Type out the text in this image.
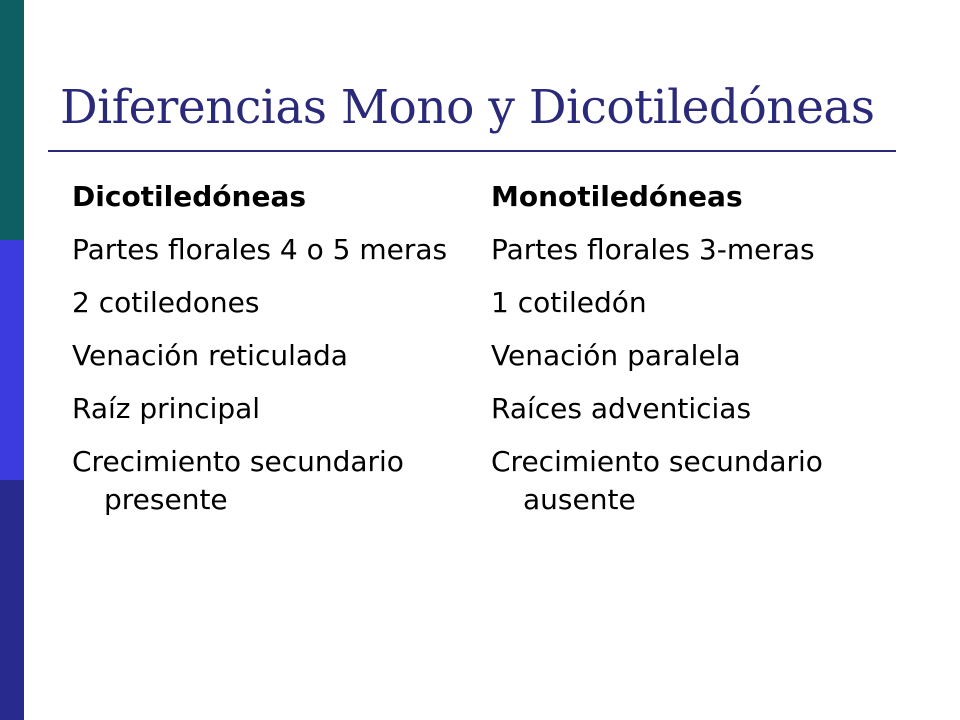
Diferencias Mono y Dicotiledóneas
Dicotiledóneas
Partes florales 4 o 5 meras
2 cotiledones
Venación reticulada
Raíz principal
Crecimiento secundario presente
Monotiledóneas
Partes florales 3-meras
1 cotiledón
Venación paralela
Raíces adventicias
Crecimiento secundario ausente
